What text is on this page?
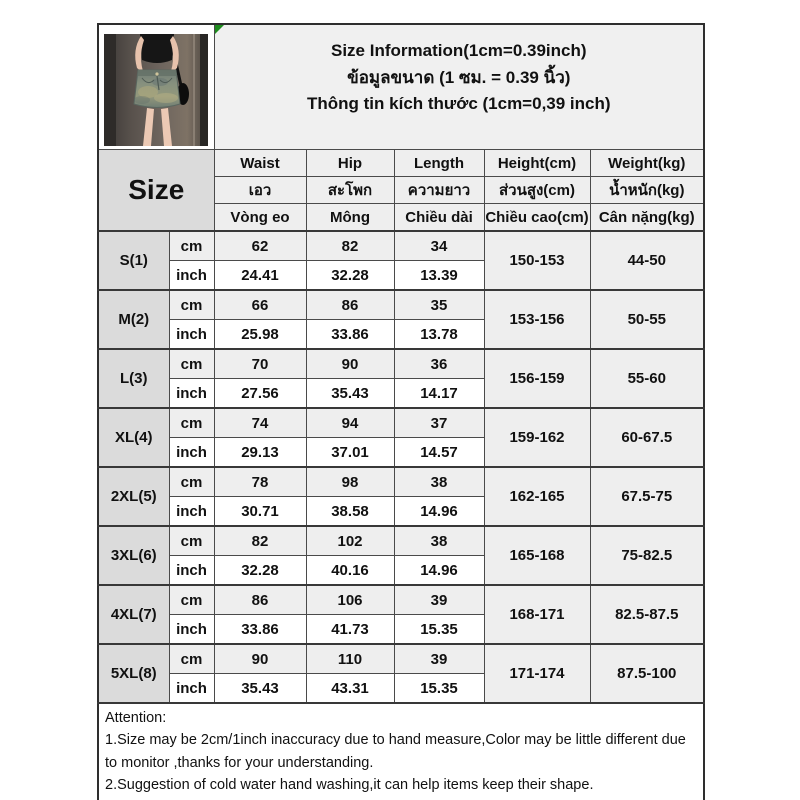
Size Information(1cm=0.39inch)
ข้อมูลขนาด (1 ซม. = 0.39 นิ้ว)
Thông tin kích thước (1cm=0,39 inch)				

Size		Waist	Hip	Length	Height(cm)	Weight(kg)
		เอว	สะโพก	ความยาว	ส่วนสูง(cm)	น้ำหนัก(kg)
		Vòng eo	Mông	Chiều dài	Chiều cao(cm)	Cân nặng(kg)
S(1)	cm	62	82	34	150-153	44-50
	inch	24.41	32.28	13.39		
M(2)	cm	66	86	35	153-156	50-55
	inch	25.98	33.86	13.78		
L(3)	cm	70	90	36	156-159	55-60
	inch	27.56	35.43	14.17		
XL(4)	cm	74	94	37	159-162	60-67.5
	inch	29.13	37.01	14.57		
2XL(5)	cm	78	98	38	162-165	67.5-75
	inch	30.71	38.58	14.96		
3XL(6)	cm	82	102	38	165-168	75-82.5
	inch	32.28	40.16	14.96		
4XL(7)	cm	86	106	39	168-171	82.5-87.5
	inch	33.86	41.73	15.35		
5XL(8)	cm	90	110	39	171-174	87.5-100
	inch	35.43	43.31	15.35		

Attention:
1.Size may be 2cm/1inch inaccuracy due to hand measure,Color may be little different due to monitor ,thanks for your understanding.
2.Suggestion of cold water hand washing,it can help items keep their shape.						
